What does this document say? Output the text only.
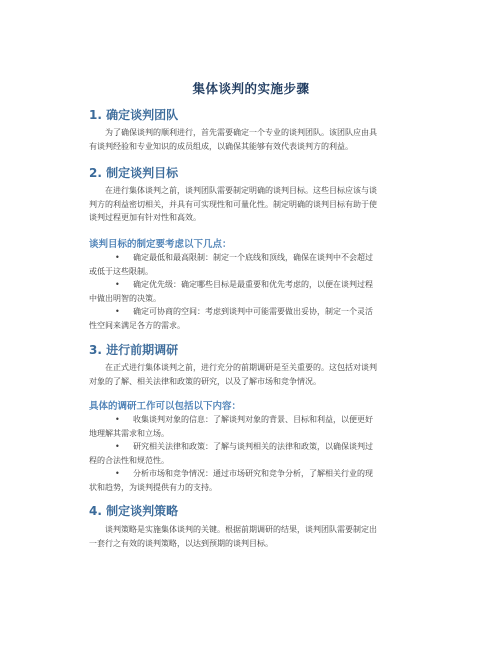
集体谈判的实施步骤
1. 确定谈判团队
为了确保谈判的顺利进行，首先需要确定一个专业的谈判团队。该团队应由具
有谈判经验和专业知识的成员组成，以确保其能够有效代表谈判方的利益。
2. 制定谈判目标
在进行集体谈判之前，谈判团队需要制定明确的谈判目标。这些目标应该与谈
判方的利益密切相关，并具有可实现性和可量化性。制定明确的谈判目标有助于使
谈判过程更加有针对性和高效。
谈判目标的制定要考虑以下几点：
•	确定最低和最高限制：制定一个底线和顶线，确保在谈判中不会超过
或低于这些限制。
•	确定优先级：确定哪些目标是最重要和优先考虑的，以便在谈判过程
中做出明智的决策。
•	确定可协商的空间：考虑到谈判中可能需要做出妥协，制定一个灵活
性空间来满足各方的需求。
3. 进行前期调研
在正式进行集体谈判之前，进行充分的前期调研是至关重要的。这包括对谈判
对象的了解、相关法律和政策的研究，以及了解市场和竞争情况。
具体的调研工作可以包括以下内容：
•	收集谈判对象的信息：了解谈判对象的背景、目标和利益，以便更好
地理解其需求和立场。
•	研究相关法律和政策：了解与谈判相关的法律和政策，以确保谈判过
程的合法性和规范性。
•	分析市场和竞争情况：通过市场研究和竞争分析，了解相关行业的现
状和趋势，为谈判提供有力的支持。
4. 制定谈判策略
谈判策略是实施集体谈判的关键。根据前期调研的结果，谈判团队需要制定出
一套行之有效的谈判策略，以达到预期的谈判目标。
